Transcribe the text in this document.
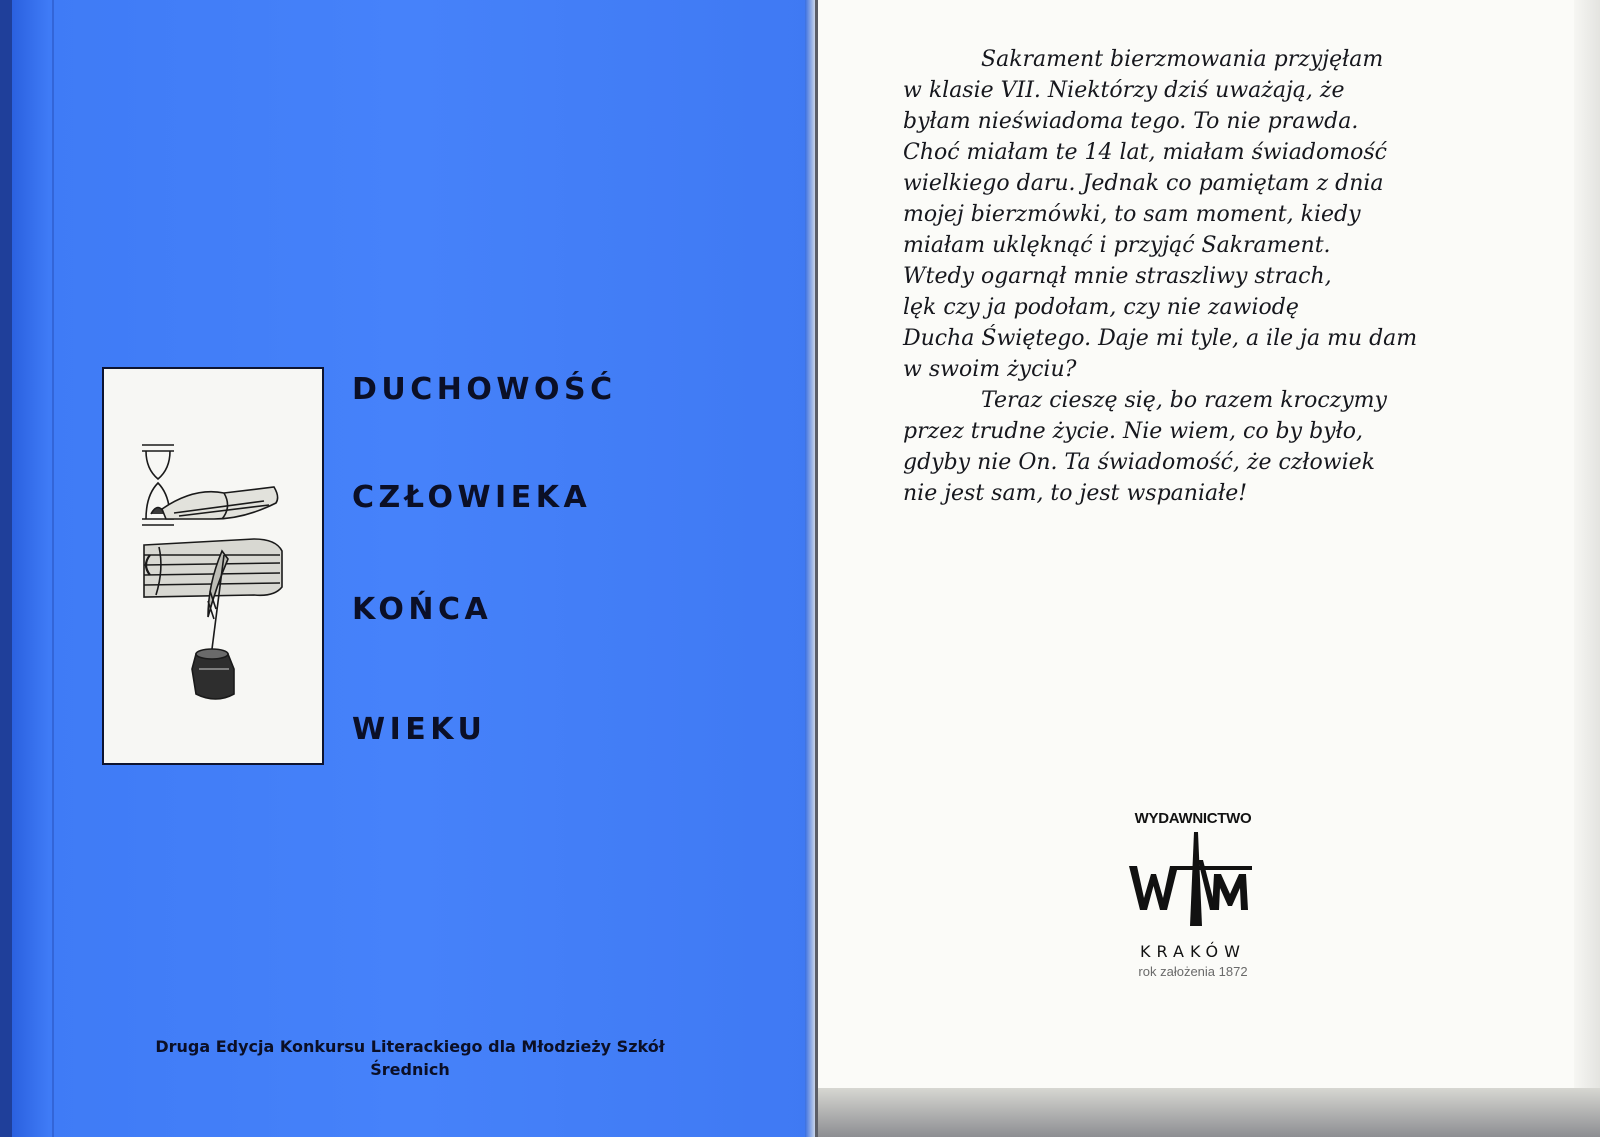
DUCHOWOŚĆ
CZŁOWIEKA
KOŃCA
WIEKU
Druga Edycja Konkursu Literackiego dla Młodzieży Szkół
Średnich
Sakrament bierzmowania przyjęłam
w klasie VII. Niektórzy dziś uważają, że
byłam nieświadoma tego. To nie prawda.
Choć miałam te 14 lat, miałam świadomość
wielkiego daru. Jednak co pamiętam z dnia
mojej bierzmówki, to sam moment, kiedy
miałam uklęknąć i przyjąć Sakrament.
Wtedy ogarnął mnie straszliwy strach,
lęk czy ja podołam, czy nie zawiodę
Ducha Świętego. Daje mi tyle, a ile ja mu dam
w swoim życiu?
Teraz cieszę się, bo razem kroczymy
przez trudne życie. Nie wiem, co by było,
gdyby nie On. Ta świadomość, że człowiek
nie jest sam, to jest wspaniałe!
WYDAWNICTWO
KRAKÓW
rok założenia 1872
